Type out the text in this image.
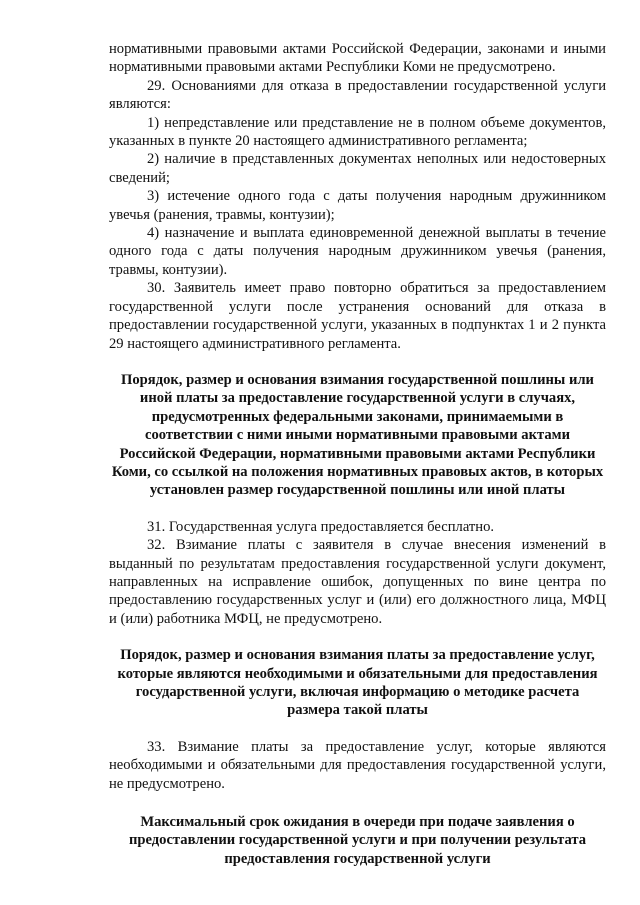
нормативными правовыми актами Российской Федерации, законами и иными нормативными правовыми актами Республики Коми не предусмотрено.

29. Основаниями для отказа в предоставлении государственной услуги являются:

1) непредставление или представление не в полном объеме документов, указанных в пункте 20 настоящего административного регламента;

2) наличие в представленных документах неполных или недостоверных сведений;

3) истечение одного года с даты получения народным дружинником увечья (ранения, травмы, контузии);

4) назначение и выплата единовременной денежной выплаты в течение одного года с даты получения народным дружинником увечья (ранения, травмы, контузии).

30. Заявитель имеет право повторно обратиться за предоставлением государственной услуги после устранения оснований для отказа в предоставлении государственной услуги, указанных в подпунктах 1 и 2 пункта 29 настоящего административного регламента.

Порядок, размер и основания взимания государственной пошлины или иной платы за предоставление государственной услуги в случаях, предусмотренных федеральными законами, принимаемыми в соответствии с ними иными нормативными правовыми актами Российской Федерации, нормативными правовыми актами Республики Коми, со ссылкой на положения нормативных правовых актов, в которых установлен размер государственной пошлины или иной платы

31. Государственная услуга предоставляется бесплатно.

32. Взимание платы с заявителя в случае внесения изменений в выданный по результатам предоставления государственной услуги документ, направленных на исправление ошибок, допущенных по вине центра по предоставлению государственных услуг и (или) его должностного лица, МФЦ и (или) работника МФЦ, не предусмотрено.

Порядок, размер и основания взимания платы за предоставление услуг, которые являются необходимыми и обязательными для предоставления государственной услуги, включая информацию о методике расчета размера такой платы

33. Взимание платы за предоставление услуг, которые являются необходимыми и обязательными для предоставления государственной услуги, не предусмотрено.

Максимальный срок ожидания в очереди при подаче заявления о предоставлении государственной услуги и при получении результата предоставления государственной услуги
